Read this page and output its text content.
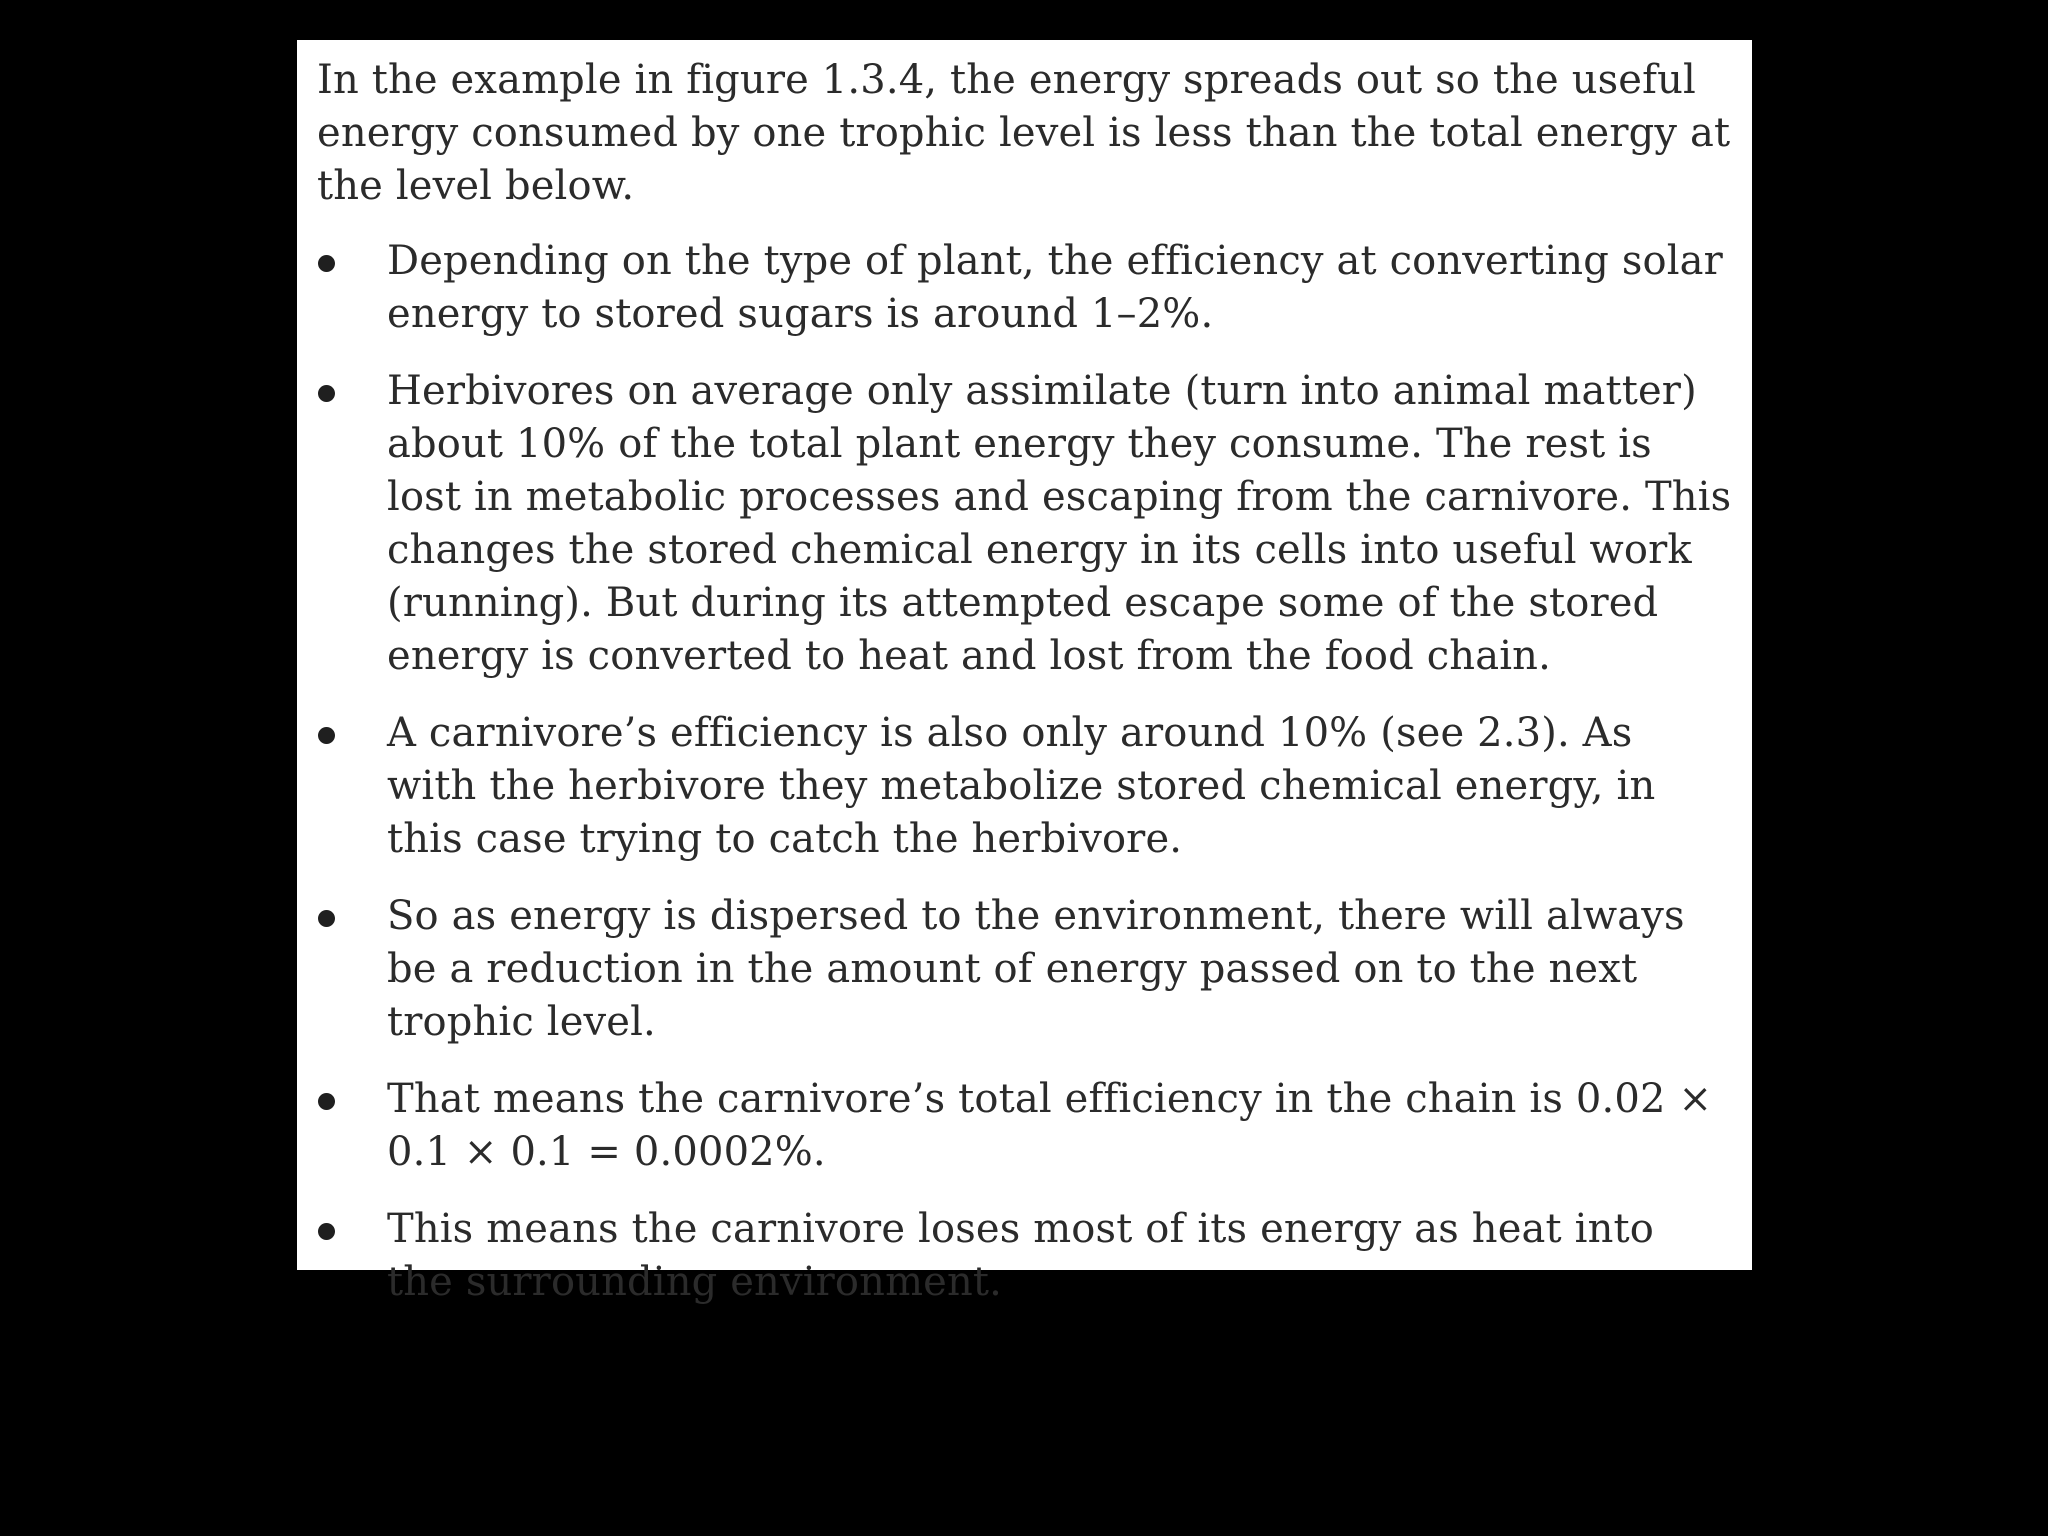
In the example in figure 1.3.4, the energy spreads out so the useful energy consumed by one trophic level is less than the total energy at the level below.

Depending on the type of plant, the efficiency at converting solar energy to stored sugars is around 1–2%.
Herbivores on average only assimilate (turn into animal matter) about 10% of the total plant energy they consume. The rest is lost in metabolic processes and escaping from the carnivore. This changes the stored chemical energy in its cells into useful work (running). But during its attempted escape some of the stored energy is converted to heat and lost from the food chain.
A carnivore’s efficiency is also only around 10% (see 2.3). As with the herbivore they metabolize stored chemical energy, in this case trying to catch the herbivore.
So as energy is dispersed to the environment, there will always be a reduction in the amount of energy passed on to the next trophic level.
That means the carnivore’s total efficiency in the chain is 0.02 × 0.1 × 0.1 = 0.0002%.
This means the carnivore loses most of its energy as heat into the surrounding environment.
